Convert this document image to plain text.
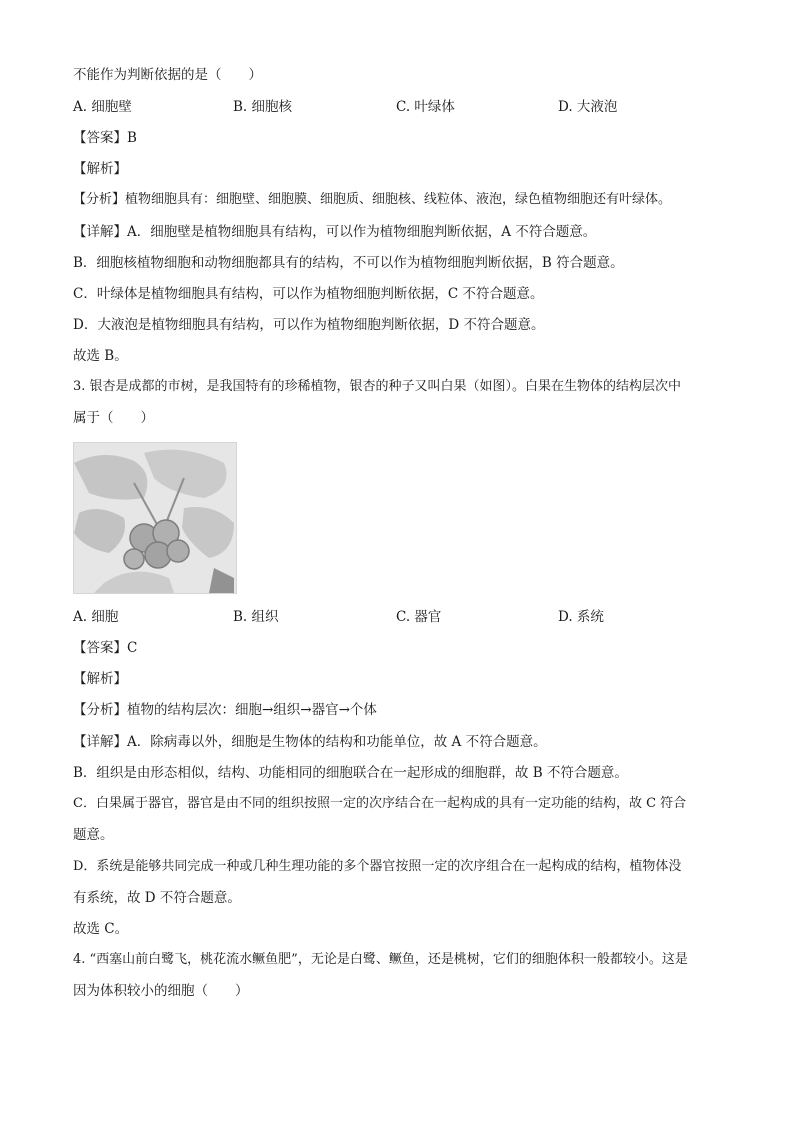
不能作为判断依据的是（　　）
A. 细胞壁	B. 细胞核	C. 叶绿体	D. 大液泡
【答案】B
【解析】
【分析】植物细胞具有：细胞壁、细胞膜、细胞质、细胞核、线粒体、液泡，绿色植物细胞还有叶绿体。
【详解】A．细胞壁是植物细胞具有结构，可以作为植物细胞判断依据，A 不符合题意。
B．细胞核植物细胞和动物细胞都具有的结构，不可以作为植物细胞判断依据，B 符合题意。
C．叶绿体是植物细胞具有结构，可以作为植物细胞判断依据，C 不符合题意。
D．大液泡是植物细胞具有结构，可以作为植物细胞判断依据，D 不符合题意。
故选 B。
3. 银杏是成都的市树，是我国特有的珍稀植物，银杏的种子又叫白果（如图）。白果在生物体的结构层次中
属于（　　）
A. 细胞	B. 组织	C. 器官	D. 系统
【答案】C
【解析】
【分析】植物的结构层次：细胞→组织→器官→个体
【详解】A．除病毒以外，细胞是生物体的结构和功能单位，故 A 不符合题意。
B．组织是由形态相似，结构、功能相同的细胞联合在一起形成的细胞群，故 B 不符合题意。
C．白果属于器官，器官是由不同的组织按照一定的次序结合在一起构成的具有一定功能的结构，故 C 符合
题意。
D．系统是能够共同完成一种或几种生理功能的多个器官按照一定的次序组合在一起构成的结构，植物体没
有系统，故 D 不符合题意。
故选 C。
4. “西塞山前白鹭飞，桃花流水鳜鱼肥”，无论是白鹭、鳜鱼，还是桃树，它们的细胞体积一般都较小。这是
因为体积较小的细胞（　　）
